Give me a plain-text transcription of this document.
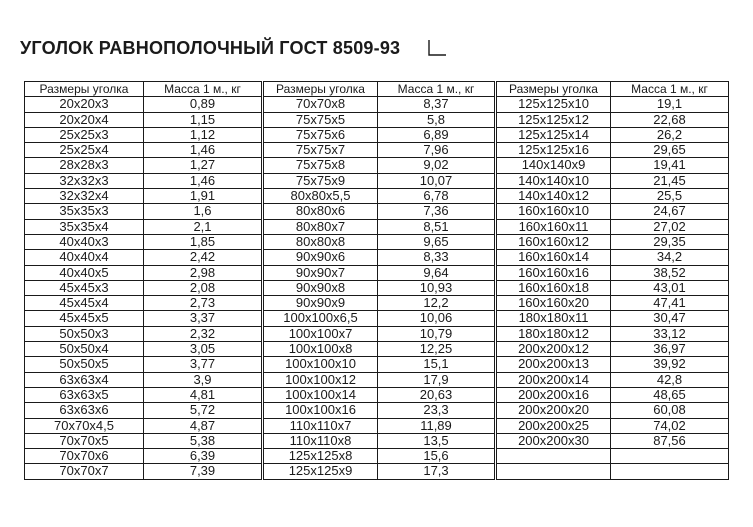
УГОЛОК РАВНОПОЛОЧНЫЙ ГОСТ 8509-93
Размеры уголка	Масса 1 м., кг		Размеры уголка	Масса 1 м., кг		Размеры уголка	Масса 1 м., кг
20x20x3	0,89		70x70x8	8,37		125x125x10	19,1
20x20x4	1,15		75x75x5	5,8		125x125x12	22,68
25x25x3	1,12		75x75x6	6,89		125x125x14	26,2
25x25x4	1,46		75x75x7	7,96		125x125x16	29,65
28x28x3	1,27		75x75x8	9,02		140x140x9	19,41
32x32x3	1,46		75x75x9	10,07		140x140x10	21,45
32x32x4	1,91		80x80x5,5	6,78		140x140x12	25,5
35x35x3	1,6		80x80x6	7,36		160x160x10	24,67
35x35x4	2,1		80x80x7	8,51		160x160x11	27,02
40x40x3	1,85		80x80x8	9,65		160x160x12	29,35
40x40x4	2,42		90x90x6	8,33		160x160x14	34,2
40x40x5	2,98		90x90x7	9,64		160x160x16	38,52
45x45x3	2,08		90x90x8	10,93		160x160x18	43,01
45x45x4	2,73		90x90x9	12,2		160x160x20	47,41
45x45x5	3,37		100x100x6,5	10,06		180x180x11	30,47
50x50x3	2,32		100x100x7	10,79		180x180x12	33,12
50x50x4	3,05		100x100x8	12,25		200x200x12	36,97
50x50x5	3,77		100x100x10	15,1		200x200x13	39,92
63x63x4	3,9		100x100x12	17,9		200x200x14	42,8
63x63x5	4,81		100x100x14	20,63		200x200x16	48,65
63x63x6	5,72		100x100x16	23,3		200x200x20	60,08
70x70x4,5	4,87		110x110x7	11,89		200x200x25	74,02
70x70x5	5,38		110x110x8	13,5		200x200x30	87,56
70x70x6	6,39		125x125x8	15,6			
70x70x7	7,39		125x125x9	17,3			
